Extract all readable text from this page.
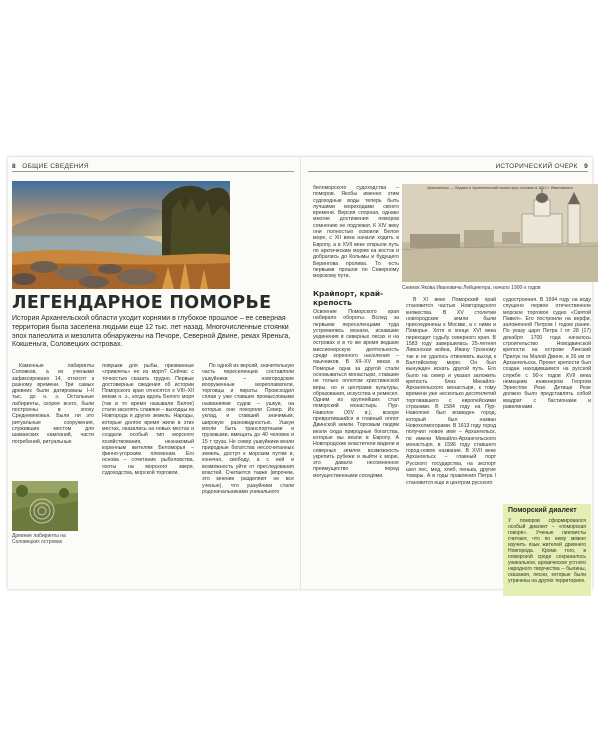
8 ОБЩИЕ СВЕДЕНИЯ
ЛЕГЕНДАРНОЕ ПОМОРЬЕ
История Архангельской области уходит корнями в глубокое прошлое – ее северная территория была заселена людьми еще 12 тыс. лет назад. Многочисленные стоянки эпох палеолита и мезолита обнаружены на Печоре, Северной Двине, реках Яреньга, Кокшеньга, Соловецких островах.

Каменные лабиринты Соловков, а их учеными зафиксировано 14, относят к разному времени. Три самых древних были датированы I–II тыс. до н. э. Остальные лабиринты, скорее всего, были построены в эпоху Средневековья. Были ли это ритуальные сооружения, служившие местом для шаманских камланий, части погребений, ритуальные

Древние лабиринты на Соловецких островах

ловушки для рыбы, призванные «привлечь» ее из моря? Сейчас с точностью сказать трудно. Первые достоверные сведения об истории Поморского края относятся к VIII–XII векам н. э., когда вдоль Белого моря (так в то время называли Белое) стали заселять славяне – выходцы из Новгорода и других земель. Народы, которые долгое время жили в этих местах, оказались на новых местах и создали особый тип морского хозяйствования, незнакомый коренным жителям Беломорья – финно-угорским племенам. Его основа – сочетание рыболовства, охоты на морского зверя, судоходства, морской торговли.

По одной из версий, значительную часть переселенцев составляли ушкуйники – новгородские вооруженные мореплаватели, торговцы и пираты. Происходил сплав у уже ставших промысловыми названиями судов – ушкуи, на которых они покоряли Север. Их уклад, и ставший значимым, широкую разновидностью. Ушкуи могли быть транспортными и грузовыми, вмещать до 40 человек и 15 т груза. Не север ушкуйники везли природные богатства несосчитанных земель, доступ к морским путям и, конечно, свободу, а с ней и возможность уйти от преследования властей. Считается также (впрочем, это мнение разделяют не все ученые), что ушкуйники стали родоначальниками уникального

ИСТОРИЧЕСКИЙ ОЧЕРК 9

беломорского судоходства – поморов. Якобы именно этим судоходные воды теперь быть лучшими мореходами своего времени. Версия спорная, однако многие достижения поморов сомнению не подлежат. К XIV веку они полностью освоили Белое море, с XII века начали ходить в Европу, а в XVII веке открыли путь по арктическим морям на восток и добрались до Колымы и будущего Берингова пролива. То есть первыми прошли по Северному морскому пути.

Архангельск — Ледзингъ Архангельский монастырь основан в 1612 г. Ивановскаго
Снимок Якова Ивановича Лейцингера, начало 1900-х годов
Крайпорт, край-крепость

Освоение Поморского края набирало обороты. Вслед за первыми переселенцами туда устремились монахи, искавшие уединения в северных лесах и на островах и в то же время ведшие миссионерскую деятельность среди коренного населения – язычников. В XII–XV веках в Поморье одна за другой стали основываться монастыри, ставшие не только оплотом христианской веры, но и центрами культуры, образования, искусства и ремесел. Одним из крупнейших стал поморский монастырь Пур-Наволок (XIV в.), вскоре превратившийся в главный оплот Двинской земли. Торговым людям везли сюда природные богатства, которые вы везли в Европу. А Новгородские властители видели в северных землях возможность укрепить рубежи и выйти к морю, это давало несомненное преимущество перед могущественными соседями.

В XI веке Поморский край становится частью Новгородского княжества. В XV столетии новгородские земли были присоединены к Москве, а с ними и Поморье. Хотя в конце XVI века переходит судьбу северного края. В 1583 году завершилась 25-летняя Ливонская война, Ивану Грозному так и не удалось отвоевать выход к Балтийскому морю. Он был вынужден искать другой путь. Его было на север и указал заложить крепость близ Михайло-Архангельского монастыря, к тому времени уже несколько десятилетий торговавшего с европейскими странами. В 1584 году на Пур-Наволоке был возведен город, который был назван Новохолмогорами. В 1613 году город получил новое имя – Архангельск, по имени Михайло-Архангельского монастыря, в 1596 году ставшего город-новое название. В XVII веке Архангельск – главный порт Русского государства, на экспорт шел лес, мед, хлеб, пенька, другие товары. А в годы правления Петра I становится еще и центром русского

судостроения. В 1694 году на воду спущено первое отечественное морское торговое судно «Святой Павел». Его построили на верфи, заложенной Петром I годом ранее. По указу царя Петра I от 28 (17) декабря 1700 года началось строительство Новодвинской крепости на острове Линский Прилук на Малой Двине, в 26 км от Архангельска. Проект крепости был создан находившимся на русской службе с 90-х годов XVII века немецким инженером Георгом Эрнестом Резе. Детище Резе должно было представлять собой квадрат с бастионами и равелинами.

Поморский диалект
У поморов сформировался особый диалект – «поморская говоря». Ученые лингвисты считают, что по нему можно изучить язык жителей древнего Новгорода. Кроме того, в поморской среде сохранилось уникальное, архаическое устного народного творчества – былины, сказания, песни, которые были утрачены на других территориях.
